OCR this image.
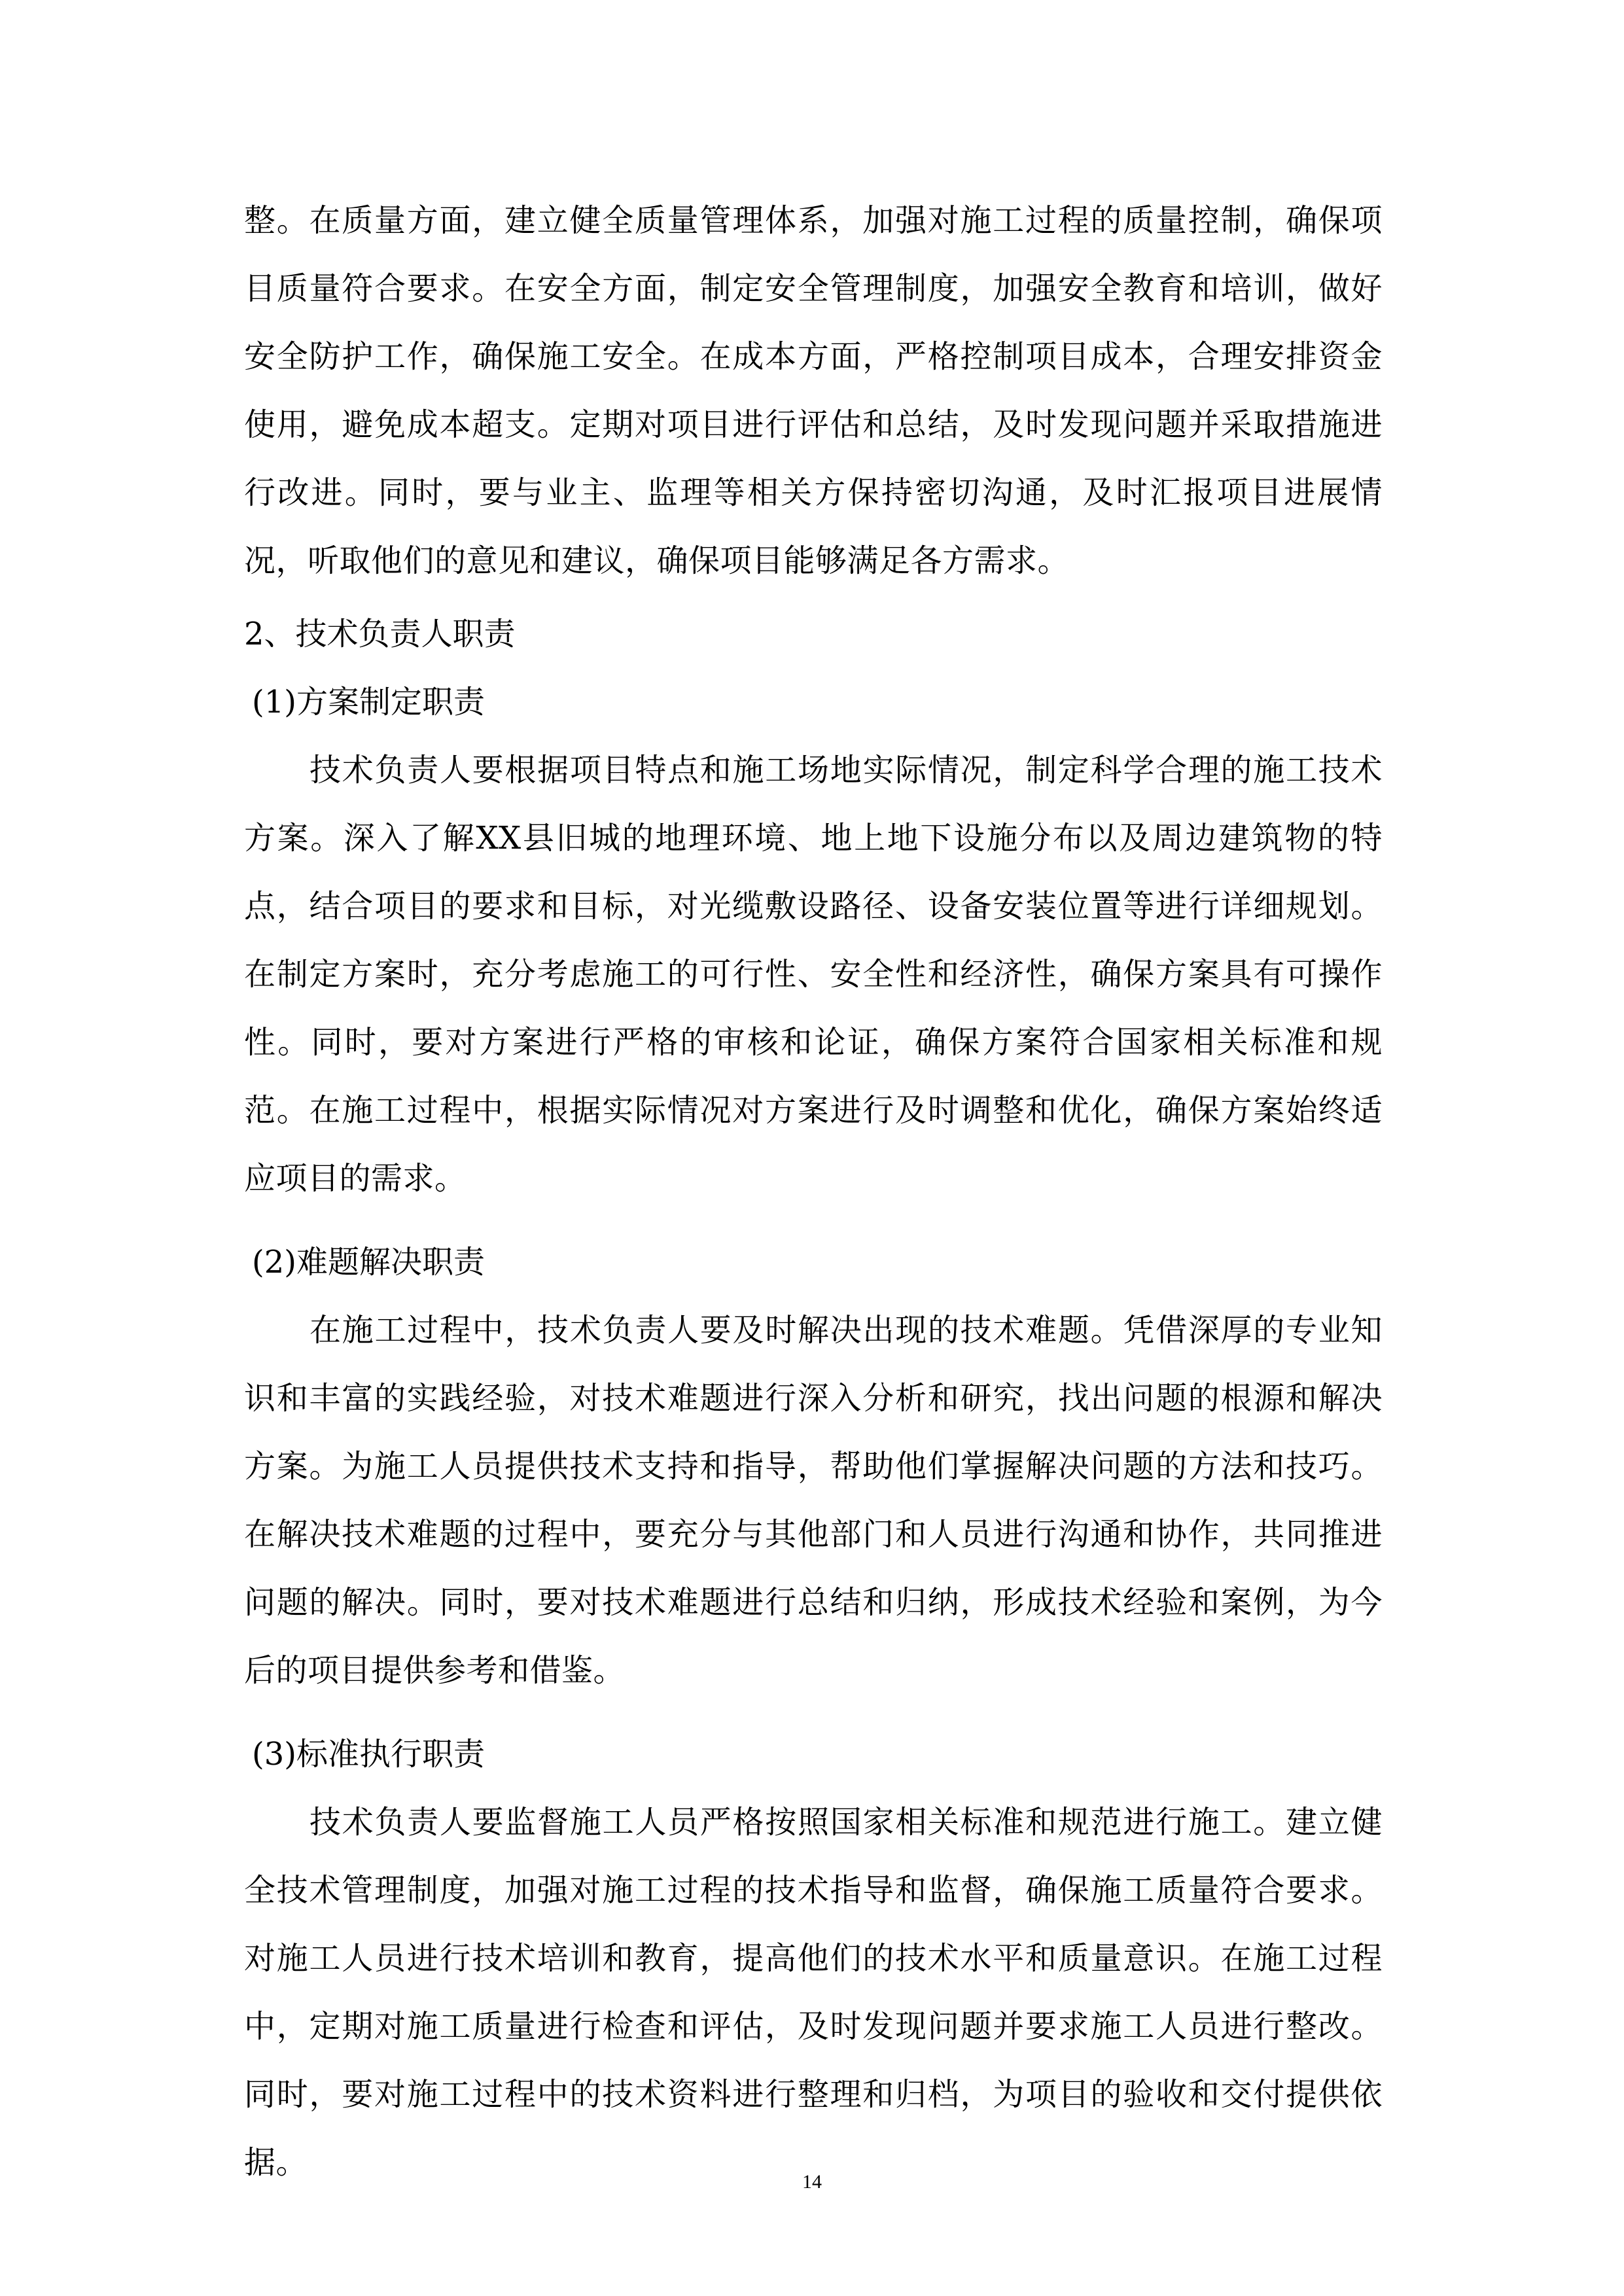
整。在质量方面，建立健全质量管理体系，加强对施工过程的质量控制，确保项目质量符合要求。在安全方面，制定安全管理制度，加强安全教育和培训，做好安全防护工作，确保施工安全。在成本方面，严格控制项目成本，合理安排资金使用，避免成本超支。定期对项目进行评估和总结，及时发现问题并采取措施进行改进。同时，要与业主、监理等相关方保持密切沟通，及时汇报项目进展情况，听取他们的意见和建议，确保项目能够满足各方需求。

2、技术负责人职责

(1)方案制定职责

技术负责人要根据项目特点和施工场地实际情况，制定科学合理的施工技术方案。深入了解XX县旧城的地理环境、地上地下设施分布以及周边建筑物的特点，结合项目的要求和目标，对光缆敷设路径、设备安装位置等进行详细规划。在制定方案时，充分考虑施工的可行性、安全性和经济性，确保方案具有可操作性。同时，要对方案进行严格的审核和论证，确保方案符合国家相关标准和规范。在施工过程中，根据实际情况对方案进行及时调整和优化，确保方案始终适应项目的需求。

(2)难题解决职责

在施工过程中，技术负责人要及时解决出现的技术难题。凭借深厚的专业知识和丰富的实践经验，对技术难题进行深入分析和研究，找出问题的根源和解决方案。为施工人员提供技术支持和指导，帮助他们掌握解决问题的方法和技巧。在解决技术难题的过程中，要充分与其他部门和人员进行沟通和协作，共同推进问题的解决。同时，要对技术难题进行总结和归纳，形成技术经验和案例，为今后的项目提供参考和借鉴。

(3)标准执行职责

技术负责人要监督施工人员严格按照国家相关标准和规范进行施工。建立健全技术管理制度，加强对施工过程的技术指导和监督，确保施工质量符合要求。对施工人员进行技术培训和教育，提高他们的技术水平和质量意识。在施工过程中，定期对施工质量进行检查和评估，及时发现问题并要求施工人员进行整改。同时，要对施工过程中的技术资料进行整理和归档，为项目的验收和交付提供依据。

14
